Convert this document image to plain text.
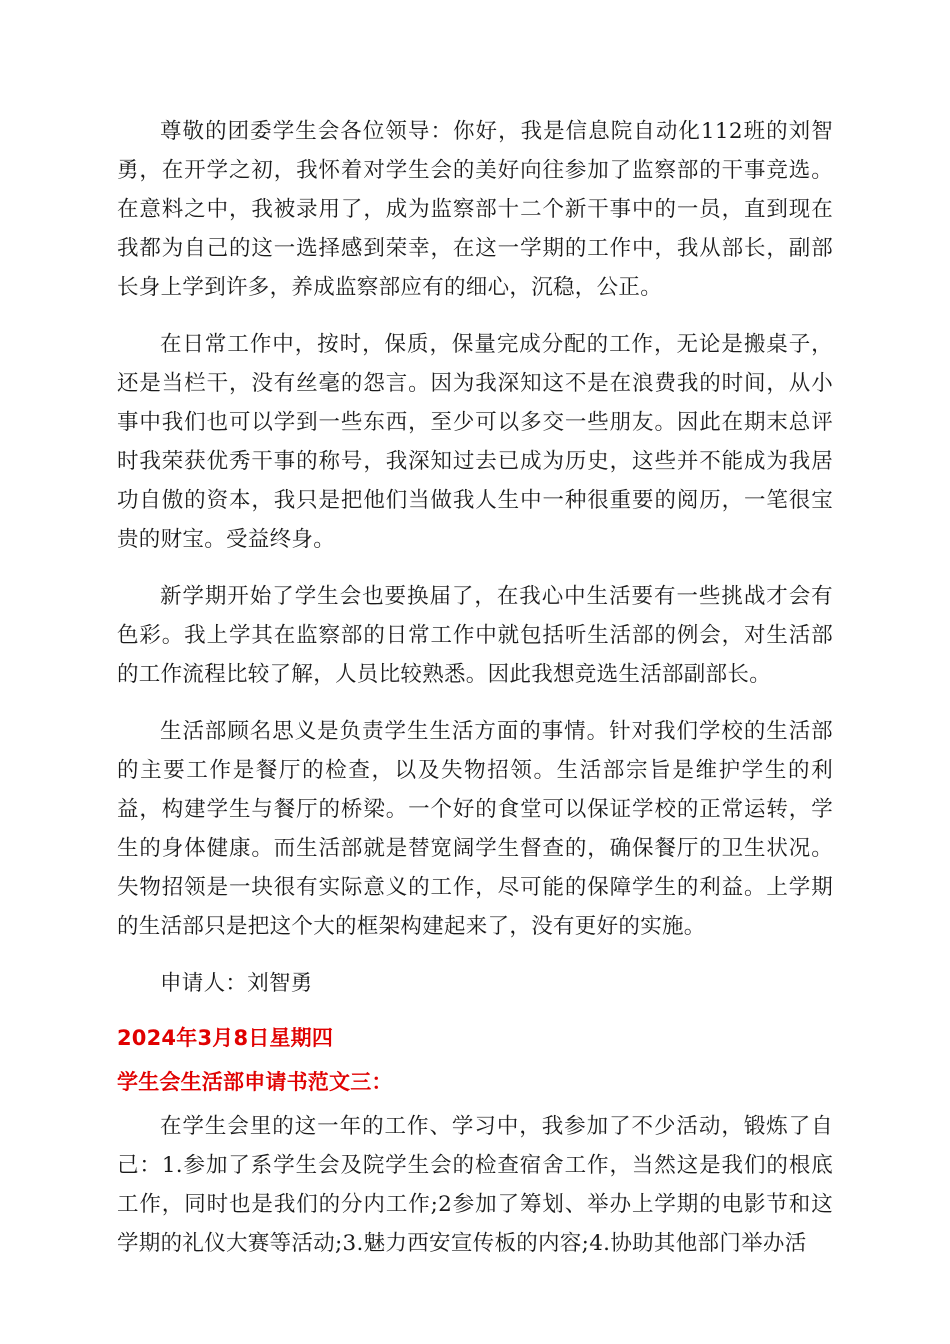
尊敬的团委学生会各位领导：你好，我是信息院自动化112班的刘智勇，在开学之初，我怀着对学生会的美好向往参加了监察部的干事竞选。在意料之中，我被录用了，成为监察部十二个新干事中的一员，直到现在我都为自己的这一选择感到荣幸，在这一学期的工作中，我从部长，副部长身上学到许多，养成监察部应有的细心，沉稳，公正。

在日常工作中，按时，保质，保量完成分配的工作，无论是搬桌子，还是当栏干，没有丝毫的怨言。因为我深知这不是在浪费我的时间，从小事中我们也可以学到一些东西，至少可以多交一些朋友。因此在期末总评时我荣获优秀干事的称号，我深知过去已成为历史，这些并不能成为我居功自傲的资本，我只是把他们当做我人生中一种很重要的阅历，一笔很宝贵的财宝。受益终身。

新学期开始了学生会也要换届了，在我心中生活要有一些挑战才会有色彩。我上学其在监察部的日常工作中就包括听生活部的例会，对生活部的工作流程比较了解，人员比较熟悉。因此我想竞选生活部副部长。

生活部顾名思义是负责学生生活方面的事情。针对我们学校的生活部的主要工作是餐厅的检查，以及失物招领。生活部宗旨是维护学生的利益，构建学生与餐厅的桥梁。一个好的食堂可以保证学校的正常运转，学生的身体健康。而生活部就是替宽阔学生督查的，确保餐厅的卫生状况。失物招领是一块很有实际意义的工作，尽可能的保障学生的利益。上学期的生活部只是把这个大的框架构建起来了，没有更好的实施。

申请人：刘智勇

2024年3月8日星期四
学生会生活部申请书范文三：

在学生会里的这一年的工作、学习中，我参加了不少活动，锻炼了自己：1.参加了系学生会及院学生会的检查宿舍工作，当然这是我们的根底工作，同时也是我们的分内工作;2参加了筹划、举办上学期的电影节和这学期的礼仪大赛等活动;3.魅力西安宣传板的内容;4.协助其他部门举办活
